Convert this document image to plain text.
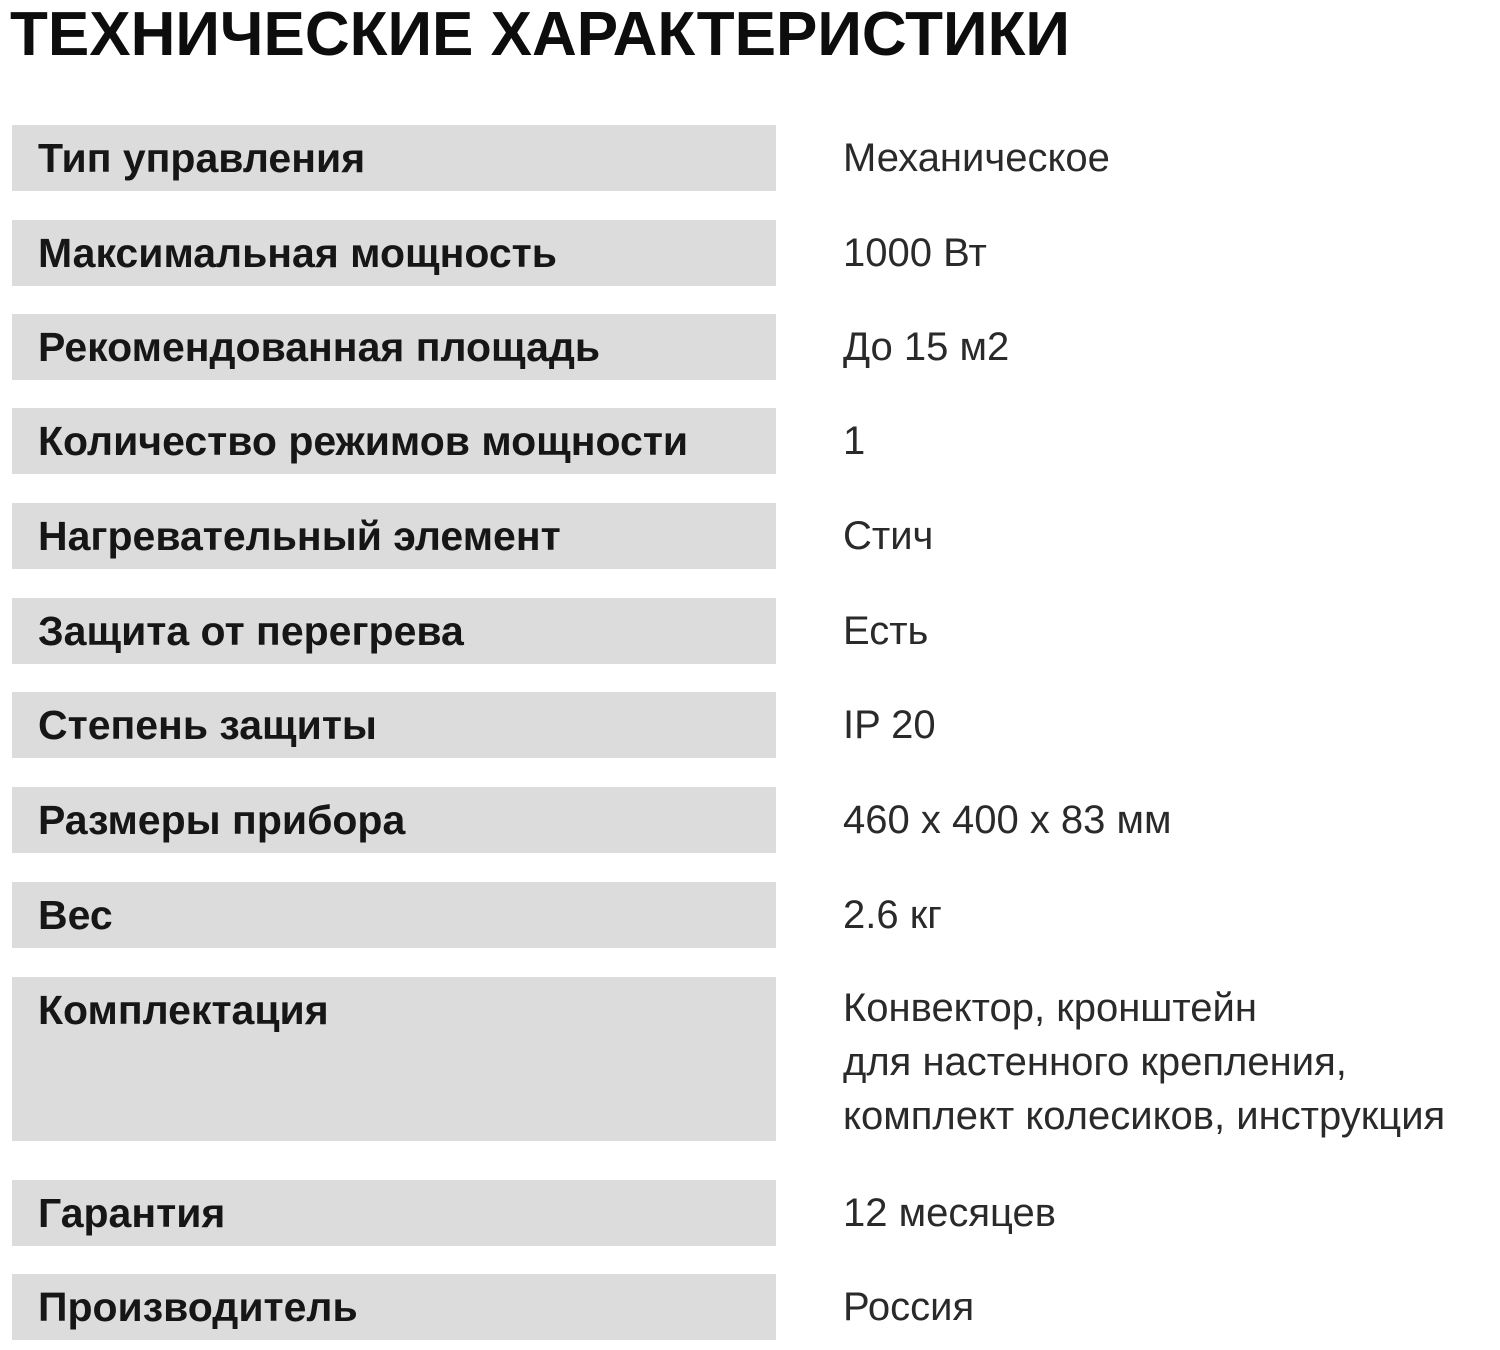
ТЕХНИЧЕСКИЕ ХАРАКТЕРИСТИКИ
Тип управления	Механическое
Максимальная мощность	1000 Вт
Рекомендованная площадь	До 15 м2
Количество режимов мощности	1
Нагревательный элемент	Стич
Защита от перегрева	Есть
Степень защиты	IP 20
Размеры прибора	460 x 400 x 83 мм
Вес	2.6 кг
Комплектация	Конвектор, кронштейн
для настенного крепления,
комплект колесиков, инструкция
Гарантия	12 месяцев
Производитель	Россия
